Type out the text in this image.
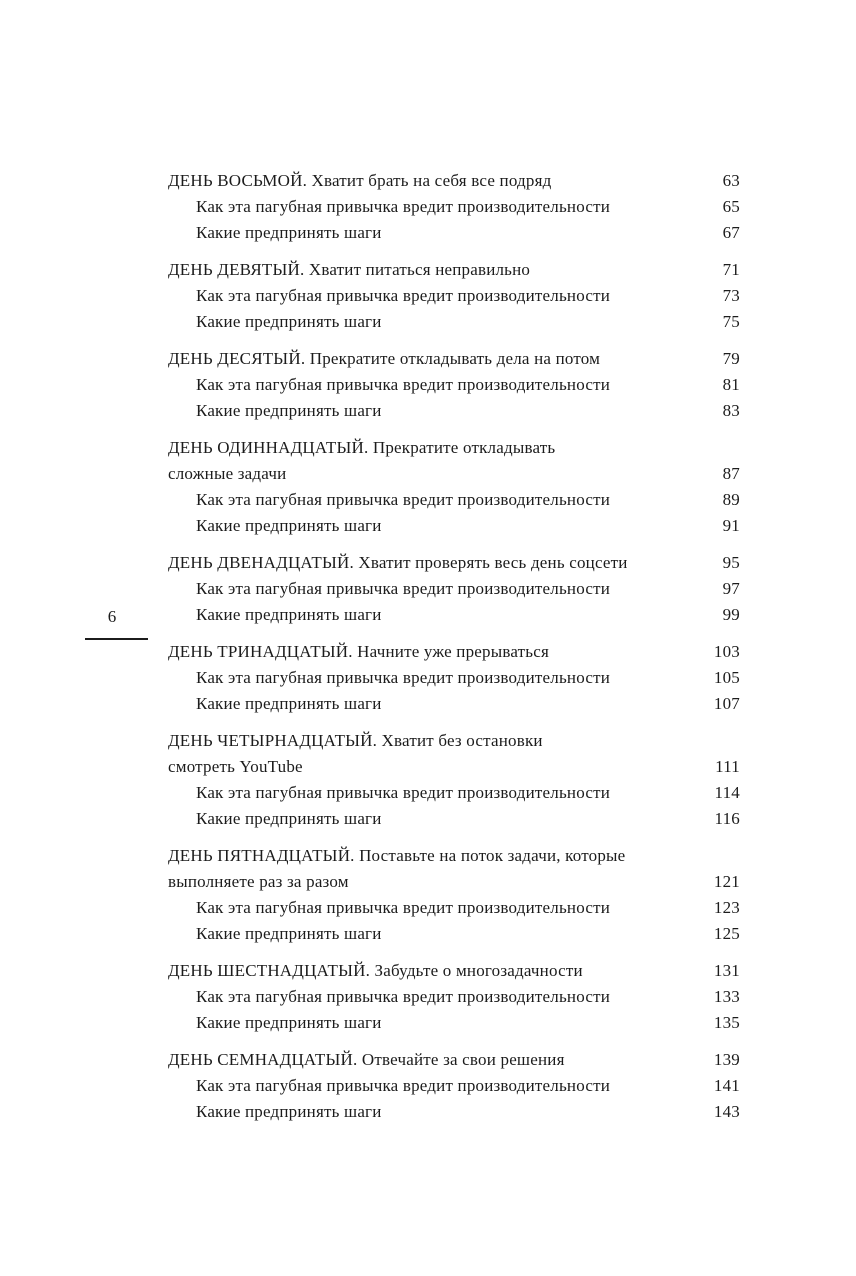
6
ДЕНЬ ВОСЬМОЙ. Хватит брать на себя все подряд	63
Как эта пагубная привычка вредит производительности	65
Какие предпринять шаги	67
ДЕНЬ ДЕВЯТЫЙ. Хватит питаться неправильно	71
Как эта пагубная привычка вредит производительности	73
Какие предпринять шаги	75
ДЕНЬ ДЕСЯТЫЙ. Прекратите откладывать дела на потом	79
Как эта пагубная привычка вредит производительности	81
Какие предпринять шаги	83
ДЕНЬ ОДИННАДЦАТЫЙ. Прекратите откладывать
сложные задачи	87
Как эта пагубная привычка вредит производительности	89
Какие предпринять шаги	91
ДЕНЬ ДВЕНАДЦАТЫЙ. Хватит проверять весь день соцсети	95
Как эта пагубная привычка вредит производительности	97
Какие предпринять шаги	99
ДЕНЬ ТРИНАДЦАТЫЙ. Начните уже прерываться	103
Как эта пагубная привычка вредит производительности	105
Какие предпринять шаги	107
ДЕНЬ ЧЕТЫРНАДЦАТЫЙ. Хватит без остановки
смотреть YouTube	111
Как эта пагубная привычка вредит производительности	114
Какие предпринять шаги	116
ДЕНЬ ПЯТНАДЦАТЫЙ. Поставьте на поток задачи, которые
выполняете раз за разом	121
Как эта пагубная привычка вредит производительности	123
Какие предпринять шаги	125
ДЕНЬ ШЕСТНАДЦАТЫЙ. Забудьте о многозадачности	131
Как эта пагубная привычка вредит производительности	133
Какие предпринять шаги	135
ДЕНЬ СЕМНАДЦАТЫЙ. Отвечайте за свои решения	139
Как эта пагубная привычка вредит производительности	141
Какие предпринять шаги	143
